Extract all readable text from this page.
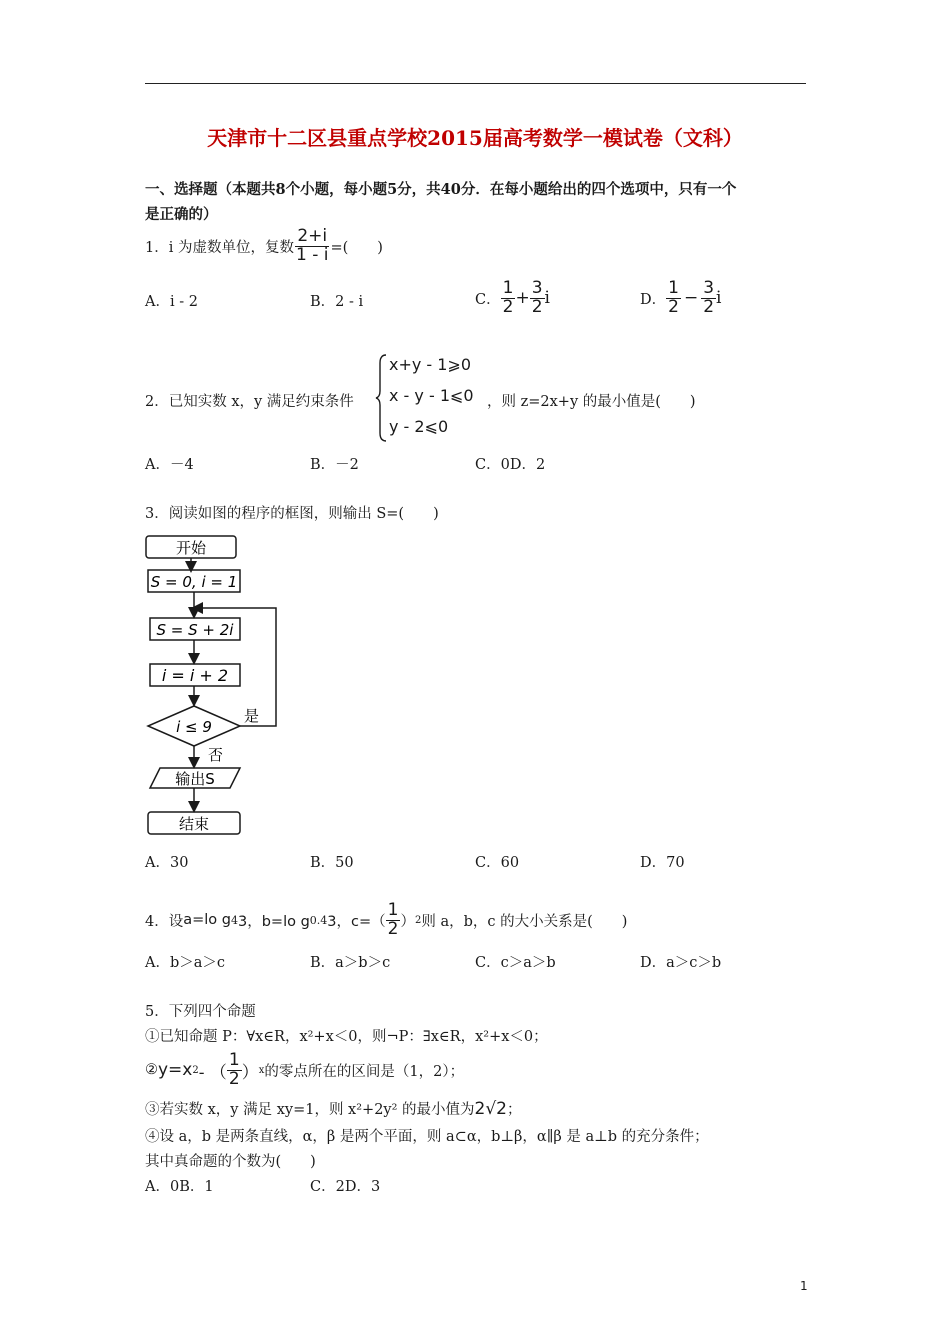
天津市十二区县重点学校2015届高考数学一模试卷（文科）
一、选择题（本题共8个小题，每小题5分，共40分．在每小题给出的四个选项中，只有一个
是正确的）
1．i 为虚数单位，复数 $\frac{2+i}{1 - i}$ =(　　)
A．i - 2	B．2 - i	C． $\frac{1}{2} + \frac{3}{2}$ i	D． $\frac{1}{2} - \frac{3}{2}$ i
2．已知实数 x，y 满足约束条件
x+y - 1⩾0
x - y - 1⩽0
y - 2⩽0
，则 z=2x+y 的最小值是(　　)
A．－4	B．－2	C．0D．2
3．阅读如图的程序的框图，则输出 S=(　　)
开始
S = 0, i = 1
S = S + 2i
i = i + 2
i ≤ 9
是
否
输出S
结束
A．30	B．50	C．60	D．70
4．设 a=lo g 4 3，b=lo g 0.4 3，$c=( \frac{1}{2}$ ） 2 则 a，b，c 的大小关系是(　　)
A．b＞a＞c	B．a＞b＞c	C．c＞a＞b	D．a＞c＞b
5．下列四个命题
①已知命题 P：∀x∈R，x²+x＜0，则¬P：∃x∈R，x²+x＜0；
② y=x 2 - （ $\frac{1}{2}$ ） x 的零点所在的区间是（1，2）；
③若实数 x，y 满足 xy=1，则 x²+2y² 的最小值为2√2；
④设 a，b 是两条直线，α，β 是两个平面，则 a⊂α，b⊥β，α∥β 是 a⊥b 的充分条件；
其中真命题的个数为(　　)
A．0B．1	C．2D．3
1
